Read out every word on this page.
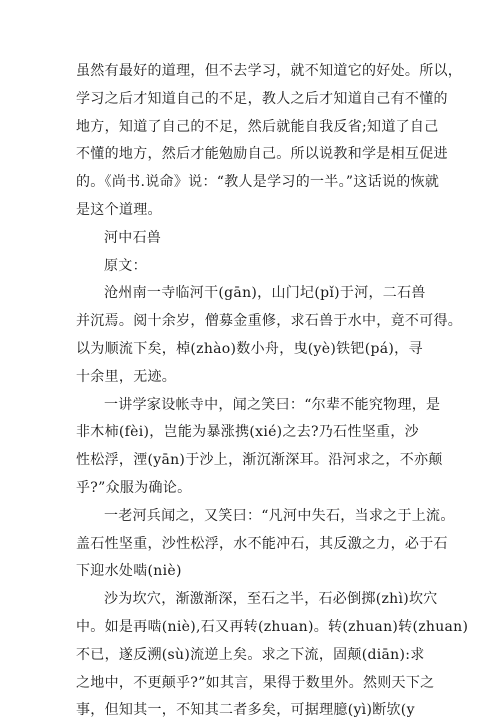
虽然有最好的道理，但不去学习，就不知道它的好处。所以，
学习之后才知道自己的不足，教人之后才知道自己有不懂的
地方，知道了自己的不足，然后就能自我反省;知道了自己
不懂的地方，然后才能勉励自己。所以说教和学是相互促进
的。《尚书.说命》说：“教人是学习的一半。”这话说的恢就
是这个道理。
河中石兽
原文：
沧州南一寺临河干(gān)，山门圮(pǐ)于河，二石兽
并沉焉。阅十余岁，僧募金重修，求石兽于水中，竟不可得。
以为顺流下矣，棹(zhào)数小舟，曳(yè)铁钯(pá)，寻
十余里，无迹。
一讲学家设帐寺中，闻之笑曰：“尔辈不能究物理，是
非木柿(fèi)，岂能为暴涨携(xié)之去?乃石性坚重，沙
性松浮，湮(yān)于沙上，渐沉渐深耳。沿河求之，不亦颠
乎?”众服为确论。
一老河兵闻之，又笑曰：“凡河中失石，当求之于上流。
盖石性坚重，沙性松浮，水不能冲石，其反激之力，必于石
下迎水处啮(niè)
沙为坎穴，渐激渐深，至石之半，石必倒掷(zhì)坎穴
中。如是再啮(niè),石又再转(zhuan)。转(zhuan)转(zhuan)
不已，遂反溯(sù)流逆上矣。求之下流，固颠(diān):求
之地中，不更颠乎?”如其言，果得于数里外。然则天下之
事，但知其一，不知其二者多矣，可据理臆(yì)断欤(y
